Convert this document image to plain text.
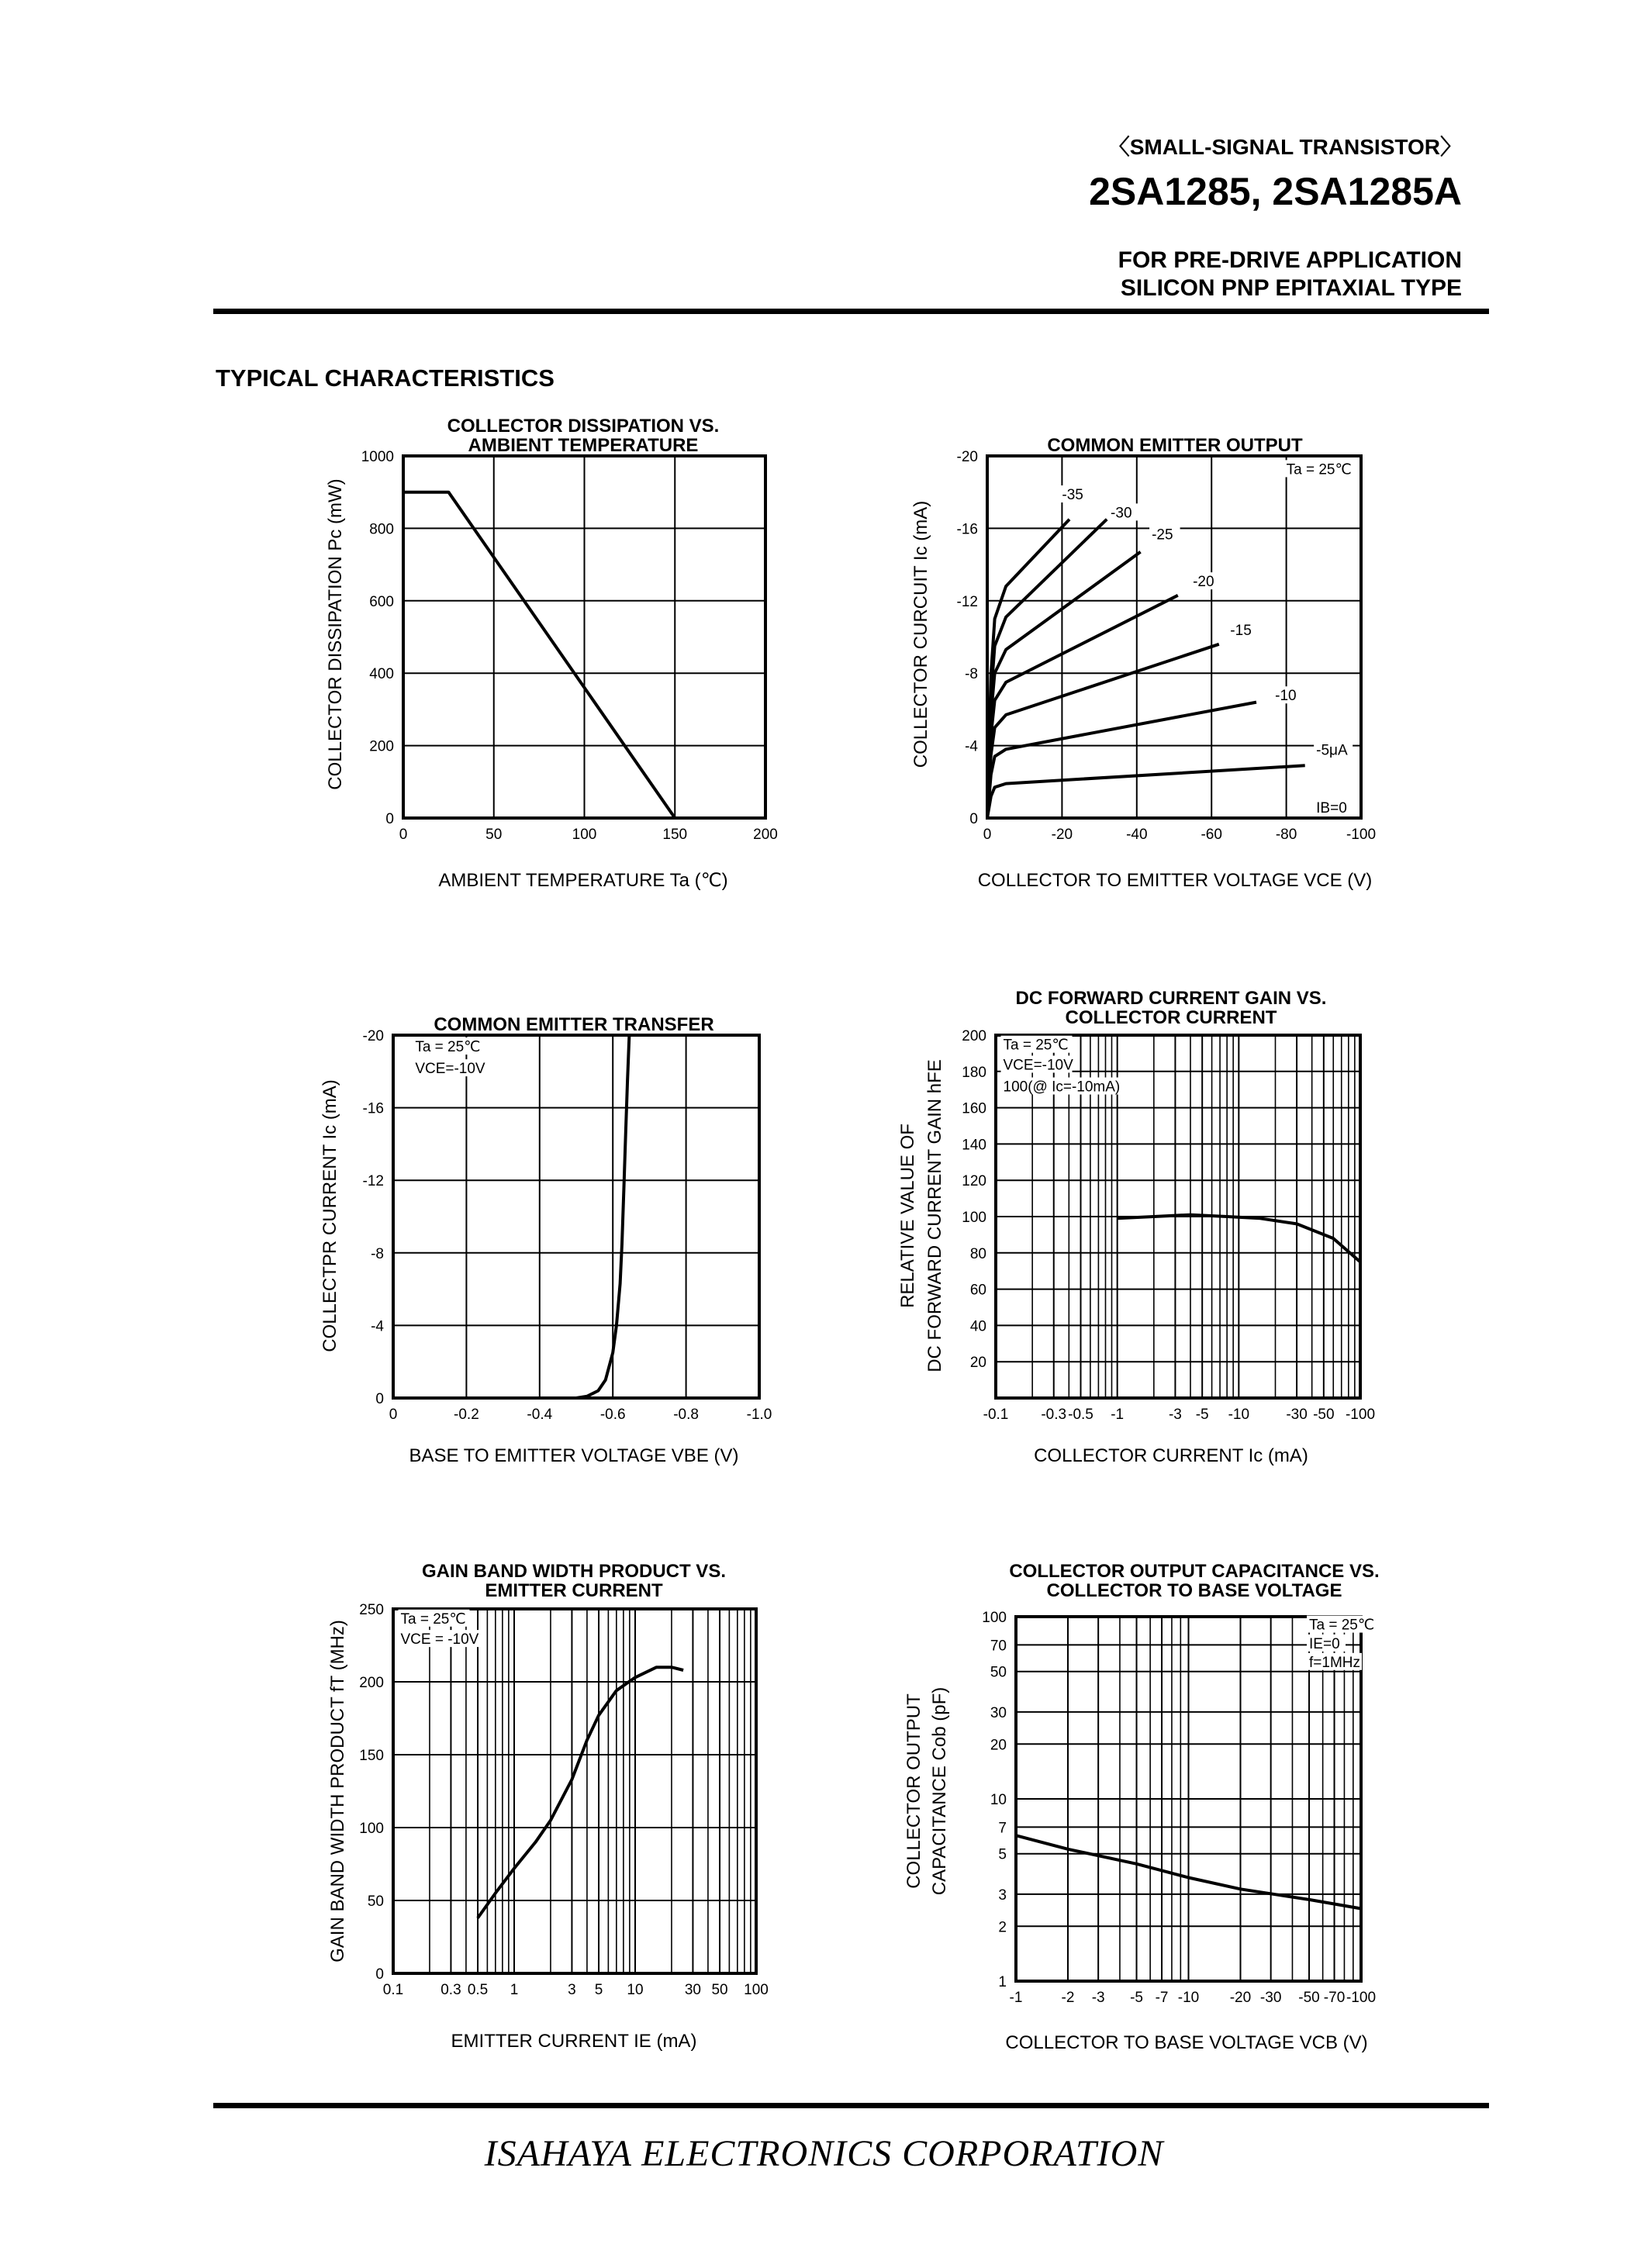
〈SMALL-SIGNAL TRANSISTOR〉
2SA1285, 2SA1285A
FOR PRE-DRIVE APPLICATION
SILICON PNP EPITAXIAL TYPE
TYPICAL CHARACTERISTICS
COLLECTOR DISSIPATION VS.
AMBIENT TEMPERATURE
0	50	100	150	200
0
200
400
600
800
1000
AMBIENT TEMPERATURE Ta (℃)
COLLECTOR DISSIPATION Pc (mW)
COMMON EMITTER OUTPUT
0	-20	-40	-60	-80	-100
0
-4
-8
-12
-16
-20
COLLECTOR TO EMITTER VOLTAGE VCE (V)
COLLECTOR CURCUIT Ic (mA)
Ta = 25℃
-35
-30
-25
-20
-15
-10
-5μA
IB=0
COMMON EMITTER TRANSFER
0	-0.2	-0.4	-0.6	-0.8	-1.0
0
-4
-8
-12
-16
-20
BASE TO EMITTER VOLTAGE VBE (V)
COLLECTPR CURRENT Ic (mA)
Ta = 25℃
VCE=-10V
DC FORWARD CURRENT GAIN VS.
COLLECTOR CURRENT
-0.1 -0.3 -0.5 -1	-3 -5 -10 -30 -50 -100
20
40
60
80
100
120
140
160
180
200
COLLECTOR CURRENT Ic (mA)
RELATIVE VALUE OF DC FORWARD CURRENT GAIN hFE
Ta = 25℃
VCE=-10V
100(@ Ic=-10mA)
GAIN BAND WIDTH PRODUCT VS.
EMITTER CURRENT
0.1	0.3 0.5 1	3 5 10	30 50 100
0
50
100
150
200
250
EMITTER CURRENT IE (mA)
GAIN BAND WIDTH PRODUCT fT (MHz)
Ta = 25℃
VCE = -10V
COLLECTOR OUTPUT CAPACITANCE VS.
COLLECTOR TO BASE VOLTAGE
-1	-2 -3 -5 -7 -10 -20 -30 -50 -70 -100
1
2
3
5
7
10
20
30
50
70
100
COLLECTOR TO BASE VOLTAGE VCB (V)
COLLECTOR OUTPUT CAPACITANCE Cob (pF)
Ta = 25℃
IE=0
f=1MHz
ISAHAYA ELECTRONICS CORPORATION
